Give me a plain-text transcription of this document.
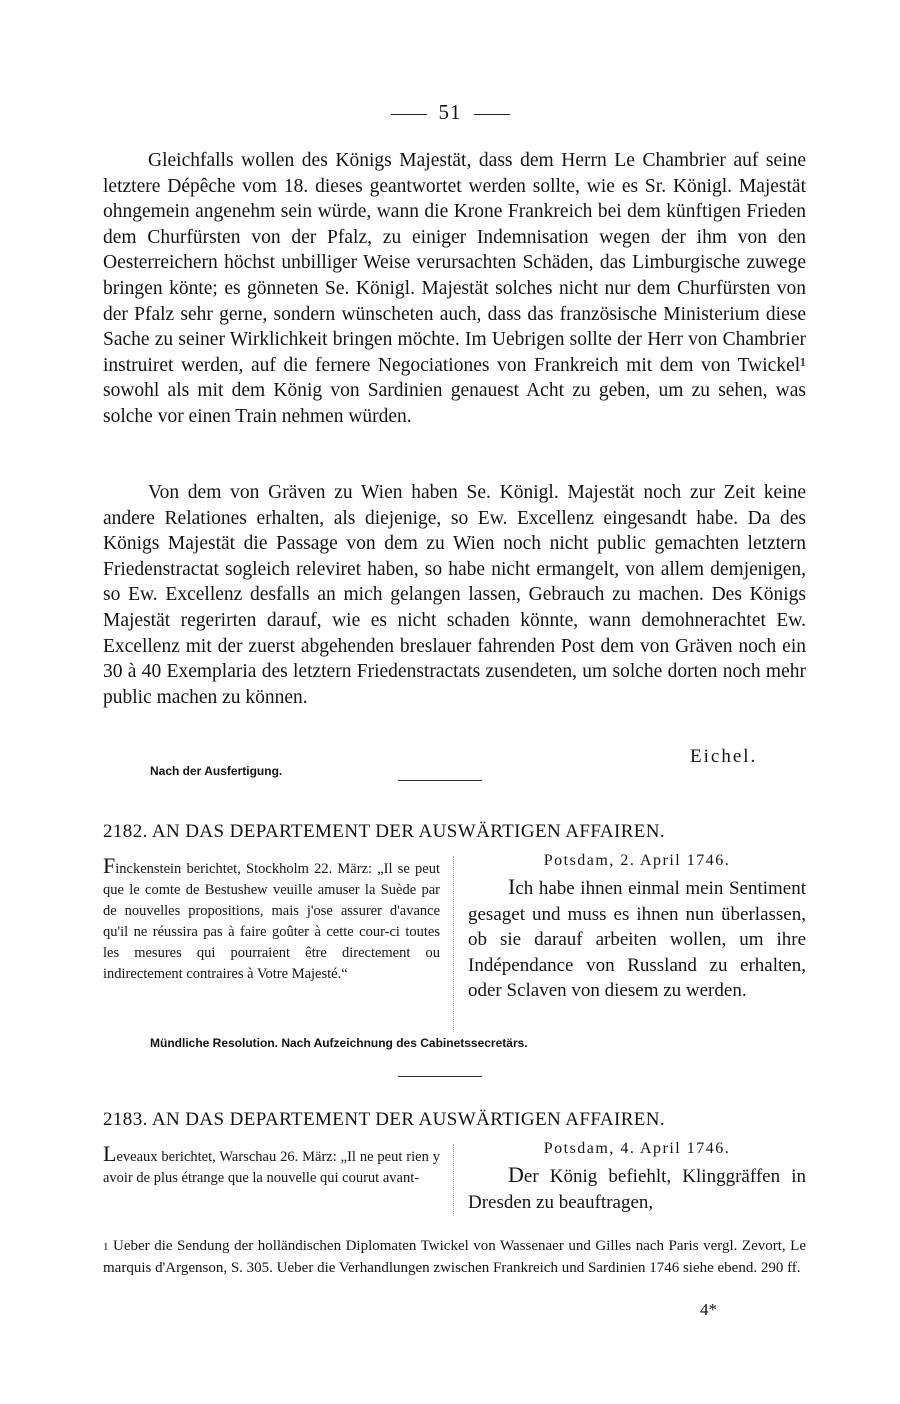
51

Gleichfalls wollen des Königs Majestät, dass dem Herrn Le Chambrier auf seine letztere Dépêche vom 18. dieses geantwortet werden sollte, wie es Sr. Königl. Majestät ohngemein angenehm sein würde, wann die Krone Frankreich bei dem künftigen Frieden dem Churfürsten von der Pfalz, zu einiger Indemnisation wegen der ihm von den Oesterreichern höchst unbilliger Weise verursachten Schäden, das Limburgische zuwege bringen könte; es gönneten Se. Königl. Majestät solches nicht nur dem Churfürsten von der Pfalz sehr gerne, sondern wünscheten auch, dass das französische Ministerium diese Sache zu seiner Wirklichkeit bringen möchte. Im Uebrigen sollte der Herr von Chambrier instruiret werden, auf die fernere Negociationes von Frankreich mit dem von Twickel¹ sowohl als mit dem König von Sardinien genauest Acht zu geben, um zu sehen, was solche vor einen Train nehmen würden.

Von dem von Gräven zu Wien haben Se. Königl. Majestät noch zur Zeit keine andere Relationes erhalten, als diejenige, so Ew. Excellenz eingesandt habe. Da des Königs Majestät die Passage von dem zu Wien noch nicht public gemachten letztern Friedenstractat sogleich releviret haben, so habe nicht ermangelt, von allem demjenigen, so Ew. Excellenz desfalls an mich gelangen lassen, Gebrauch zu machen. Des Königs Majestät regerirten darauf, wie es nicht schaden könnte, wann demohnerachtet Ew. Excellenz mit der zuerst abgehenden breslauer fahrenden Post dem von Gräven noch ein 30 à 40 Exemplaria des letztern Friedenstractats zusendeten, um solche dorten noch mehr public machen zu können.

Eichel.
Nach der Ausfertigung.
2182. AN DAS DEPARTEMENT DER AUSWÄRTIGEN AFFAIREN.
Finckenstein berichtet, Stockholm 22. März: „Il se peut que le comte de Bestushew veuille amuser la Suède par de nouvelles propositions, mais j'ose assurer d'avance qu'il ne réussira pas à faire goûter à cette cour-ci toutes les mesures qui pourraient être directement ou indirectement contraires à Votre Majesté.“
Potsdam, 2. April 1746.
Ich habe ihnen einmal mein Sentiment gesaget und muss es ihnen nun überlassen, ob sie darauf arbeiten wollen, um ihre Indépendance von Russland zu erhalten, oder Sclaven von diesem zu werden.
Mündliche Resolution. Nach Aufzeichnung des Cabinetssecretärs.
2183. AN DAS DEPARTEMENT DER AUSWÄRTIGEN AFFAIREN.
Leveaux berichtet, Warschau 26. März: „Il ne peut rien y avoir de plus étrange que la nouvelle qui courut avant-
Potsdam, 4. April 1746.
Der König befiehlt, Klinggräffen in Dresden zu beauftragen,
1 Ueber die Sendung der holländischen Diplomaten Twickel von Wassenaer und Gilles nach Paris vergl. Zevort, Le marquis d'Argenson, S. 305. Ueber die Verhandlungen zwischen Frankreich und Sardinien 1746 siehe ebend. 290 ff.
4*
